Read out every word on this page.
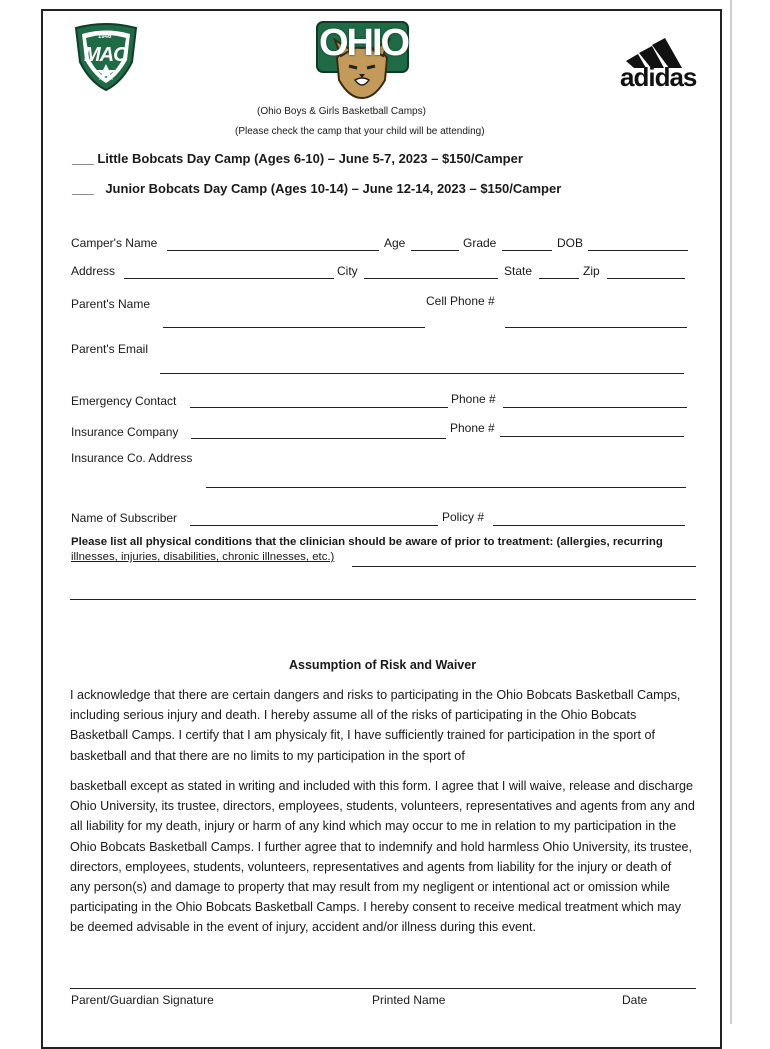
1946
MAC	OHIO
adidas
(Ohio Boys & Girls Basketball Camps)
(Please check the camp that your child will be attending)
___ Little Bobcats Day Camp (Ages 6-10) – June 5-7, 2023 – $150/Camper
___ Junior Bobcats Day Camp (Ages 10-14) – June 12-14, 2023 – $150/Camper
Camper's Name	Age	Grade	DOB
Address	City	State	Zip
Parent's Name	Cell Phone #
Parent's Email
Emergency Contact	Phone #
Insurance Company	Phone #
Insurance Co. Address
Name of Subscriber	Policy #
Please list all physical conditions that the clinician should be aware of prior to treatment: (allergies, recurring
illnesses, injuries, disabilities, chronic illnesses, etc.)
Assumption of Risk and Waiver
I acknowledge that there are certain dangers and risks to participating in the Ohio Bobcats Basketball Camps, including serious injury and death. I hereby assume all of the risks of participating in the Ohio Bobcats Basketball Camps. I certify that I am physicaly fit, I have sufficiently trained for participation in the sport of basketball and that there are no limits to my participation in the sport of
basketball except as stated in writing and included with this form. I agree that I will waive, release and discharge Ohio University, its trustee, directors, employees, students, volunteers, representatives and agents from any and all liability for my death, injury or harm of any kind which may occur to me in relation to my participation in the Ohio Bobcats Basketball Camps. I further agree that to indemnify and hold harmless Ohio University, its trustee, directors, employees, students, volunteers, representatives and agents from liability for the injury or death of any person(s) and damage to property that may result from my negligent or intentional act or omission while participating in the Ohio Bobcats Basketball Camps. I hereby consent to receive medical treatment which may be deemed advisable in the event of injury, accident and/or illness during this event.
Parent/Guardian Signature	Printed Name	Date
